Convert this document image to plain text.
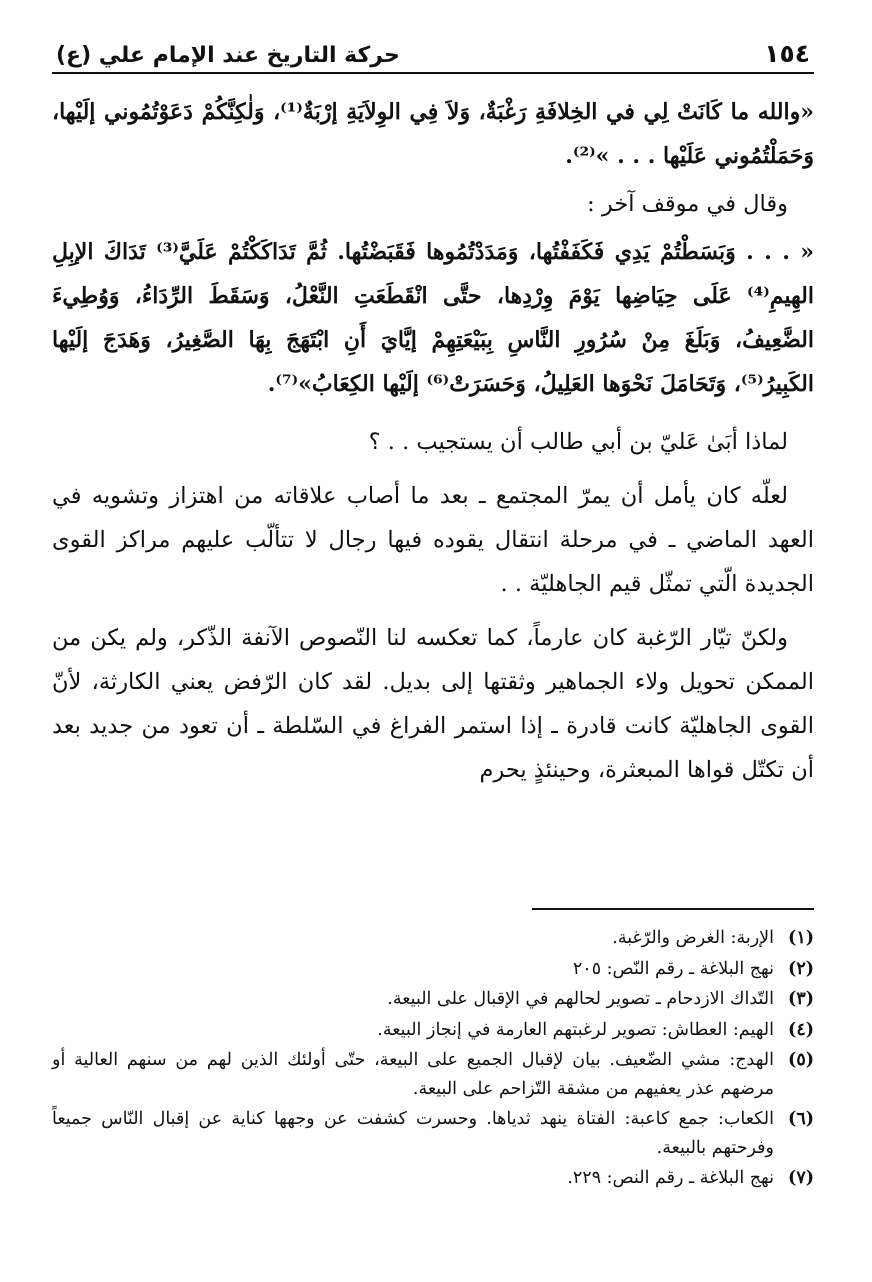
١٥٤
حركة التاريخ عند الإمام علي (ع)

«والله ما كَانَتْ لِي في الخِلافَةِ رَغْبَةٌ، وَلاَ فِي الوِلاَيَةِ إرْبَةٌ⁽¹⁾، وَلٰكِنَّكُمْ دَعَوْتُمُوني إلَيْها، وَحَمَلْتُمُوني عَلَيْها . . . »⁽²⁾.

وقال في موقف آخر :

« . . . وَبَسَطْتُمْ يَدِي فَكَفَفْتُها، وَمَدَدْتُمُوها فَقَبَضْتُها. ثُمَّ تَدَاكَكْتُمْ عَلَيَّ⁽³⁾ تَدَاكَ الإبِلِ الهِيمِ⁽⁴⁾ عَلَى حِيَاضِها يَوْمَ وِرْدِها، حتَّى انْقَطَعَتِ النَّعْلُ، وَسَقَطَ الرِّدَاءُ، وَوُطِيءَ الضَّعِيفُ، وَبَلَغَ مِنْ سُرُورِ النَّاسِ بِبَيْعَتِهِمْ إيَّايَ أَنِ ابْتَهَجَ بِهَا الصَّغِيرُ، وَهَدَجَ إلَيْها الكَبِيرُ⁽⁵⁾، وَتَحَامَلَ نَحْوَها العَلِيلُ، وَحَسَرَتْ⁽⁶⁾ إلَيْها الكِعَابُ»⁽⁷⁾.

لماذا أبَىٰ عَليّ بن أبي طالب أن يستجيب . . ؟

لعلّه كان يأمل أن يمرّ المجتمع ـ بعد ما أصاب علاقاته من اهتزاز وتشويه في العهد الماضي ـ في مرحلة انتقال يقوده فيها رجال لا تتألّب عليهم مراكز القوى الجديدة الّتي تمثّل قيم الجاهليّة . .

ولكنّ تيّار الرّغبة كان عارماً، كما تعكسه لنا النّصوص الآنفة الذّكر، ولم يكن من الممكن تحويل ولاء الجماهير وثقتها إلى بديل. لقد كان الرّفض يعني الكارثة، لأنّ القوى الجاهليّة كانت قادرة ـ إذا استمر الفراغ في السّلطة ـ أن تعود من جديد بعد أن تكتّل قواها المبعثرة، وحينئذٍ يحرم

(١)
الإربة: الغرض والرّغبة.
(٢)
نهج البلاغة ـ رقم النّص: ٢٠٥
(٣)
التّداك الازدحام ـ تصوير لحالهم في الإقبال على البيعة.
(٤)
الهيم: العطاش: تصوير لرغبتهم العارمة في إنجاز البيعة.
(٥)
الهدج: مشي الضّعيف. بيان لإقبال الجميع على البيعة، حتّى أولئك الذين لهم من سنهم العالية أو مرضهم عذر يعفيهم من مشقة التّزاحم على البيعة.
(٦)
الكعاب: جمع كاعبة: الفتاة ينهد ثدياها. وحسرت كشفت عن وجهها كناية عن إقبال النّاس جميعاً وفرحتهم بالبيعة.
(٧)
نهج البلاغة ـ رقم النص: ٢٢٩.
